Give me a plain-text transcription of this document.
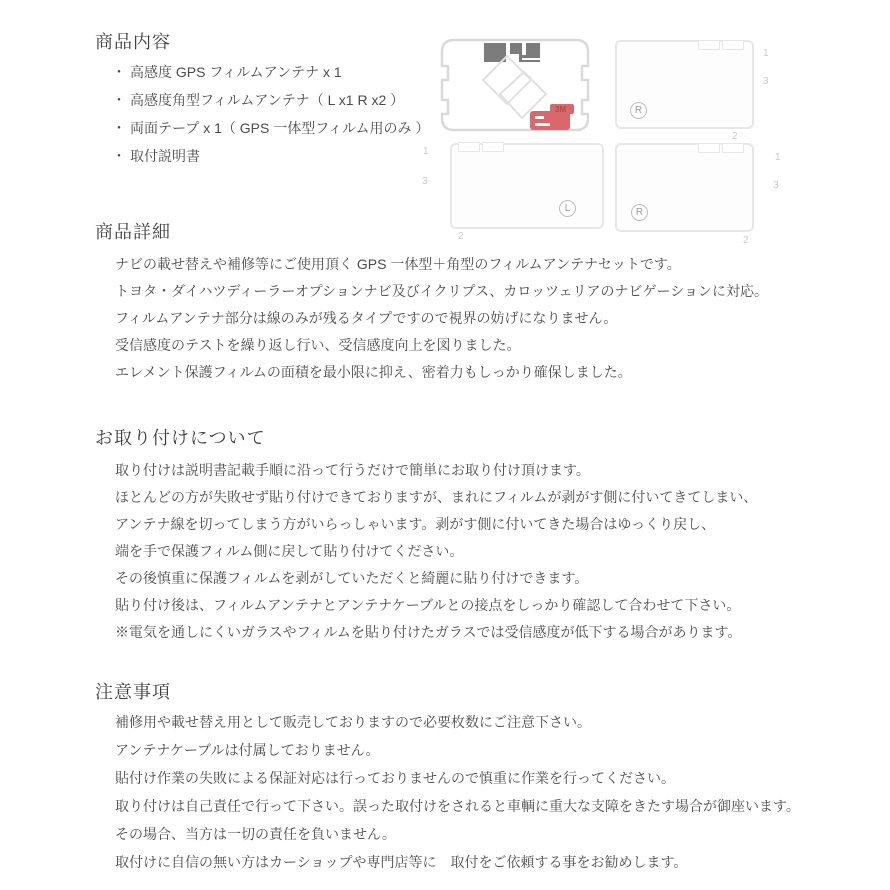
商品内容
・ 高感度 GPS フィルムアンテナ x 1
・ 高感度角型フィルムアンテナ（ L x1 R x2 ）
・ 両面テープ x 1（ GPS 一体型フィルム用のみ ）
・ 取付説明書
3M	R
1
3
2
L
1
3
2
R
1
3
2
商品詳細
ナビの載せ替えや補修等にご使用頂く GPS 一体型＋角型のフィルムアンテナセットです。
トヨタ・ダイハツディーラーオプションナビ及びイクリプス、カロッツェリアのナビゲーションに対応。
フィルムアンテナ部分は線のみが残るタイプですので視界の妨げになりません。
受信感度のテストを繰り返し行い、受信感度向上を図りました。
エレメント保護フィルムの面積を最小限に抑え、密着力もしっかり確保しました。
お取り付けについて
取り付けは説明書記載手順に沿って行うだけで簡単にお取り付け頂けます。
ほとんどの方が失敗せず貼り付けできておりますが、まれにフィルムが剥がす側に付いてきてしまい、
アンテナ線を切ってしまう方がいらっしゃいます。剥がす側に付いてきた場合はゆっくり戻し、
端を手で保護フィルム側に戻して貼り付けてください。
その後慎重に保護フィルムを剥がしていただくと綺麗に貼り付けできます。
貼り付け後は、フィルムアンテナとアンテナケーブルとの接点をしっかり確認して合わせて下さい。
※電気を通しにくいガラスやフィルムを貼り付けたガラスでは受信感度が低下する場合があります。
注意事項
補修用や載せ替え用として販売しておりますので必要枚数にご注意下さい。
アンテナケーブルは付属しておりません。
貼付け作業の失敗による保証対応は行っておりませんので慎重に作業を行ってください。
取り付けは自己責任で行って下さい。誤った取付けをされると車輌に重大な支障をきたす場合が御座います。
その場合、当方は一切の責任を負いません。
取付けに自信の無い方はカーショップや専門店等に　取付をご依頼する事をお勧めします。
